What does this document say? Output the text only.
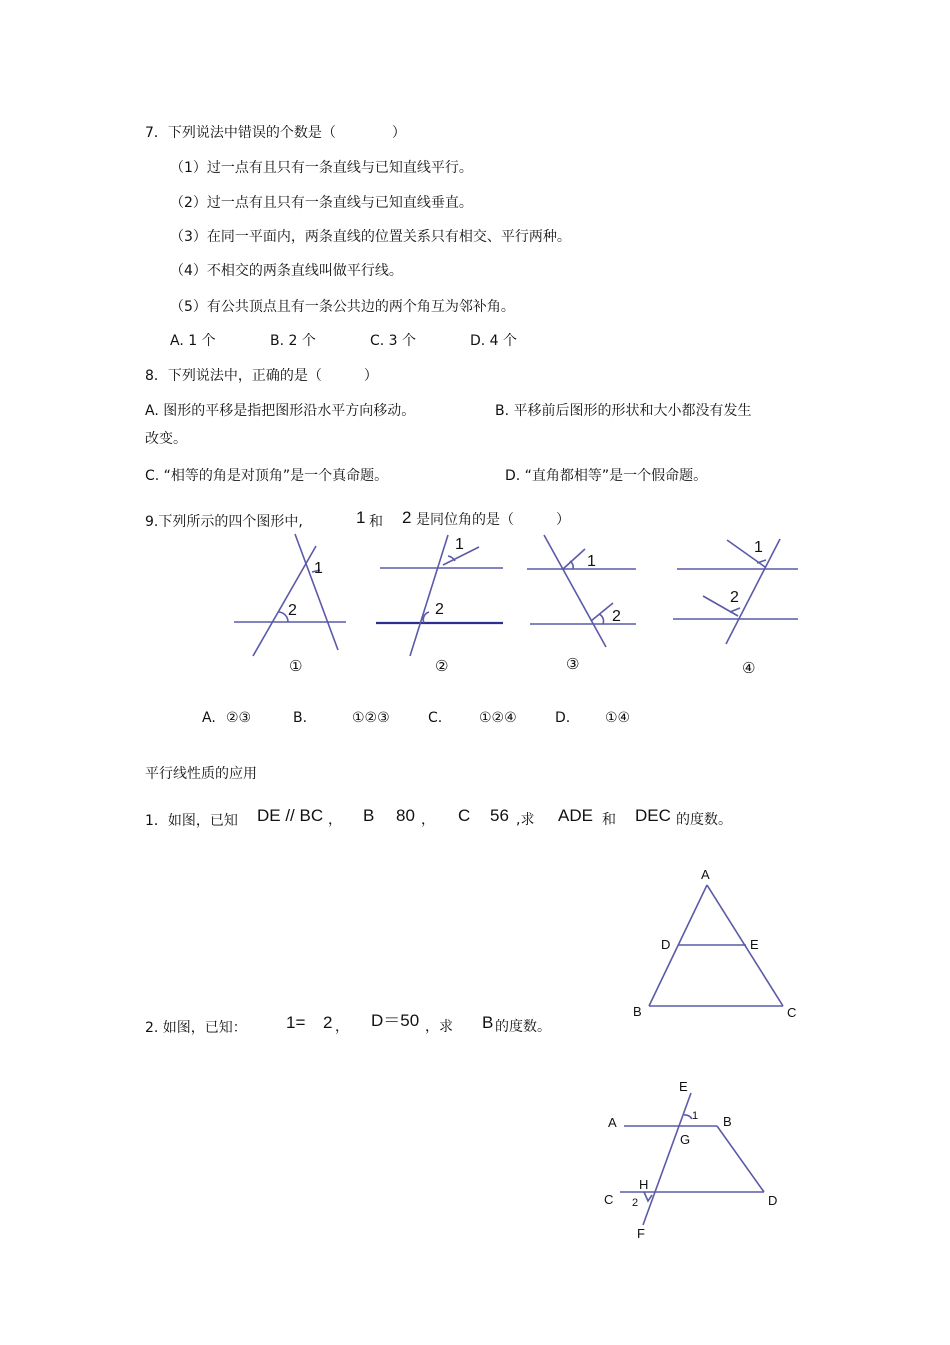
7．下列说法中错误的个数是（　　　　）
（1）过一点有且只有一条直线与已知直线平行。
（2）过一点有且只有一条直线与已知直线垂直。
（3）在同一平面内，两条直线的位置关系只有相交、平行两种。
（4）不相交的两条直线叫做平行线。
（5）有公共顶点且有一条公共边的两个角互为邻补角。
A. 1 个	B. 2 个	C. 3 个	D. 4 个
8．下列说法中，正确的是（　　　）
A. 图形的平移是指把图形沿水平方向移动。	B. 平移前后图形的形状和大小都没有发生
改变。
C. “相等的角是对顶角”是一个真命题。	D. “直角都相等”是一个假命题。
9.下列所示的四个图形中,	1 和 2 是同位角的是（　　　）
1
2
①
1
2
②
1
2
③
1
2
④
A. ②③	B.	①②③	C.	①②④	D. ①④
平行线性质的应用
1．如图，已知 DE // BC ， B 80 ， C 56 ,求 ADE 和 DEC 的度数。
A
D	E
B	C
2. 如图，已知： 1= 2 ， D＝50 ，求 B 的度数。
E
A	1 B
G
H
C 2	D
F
